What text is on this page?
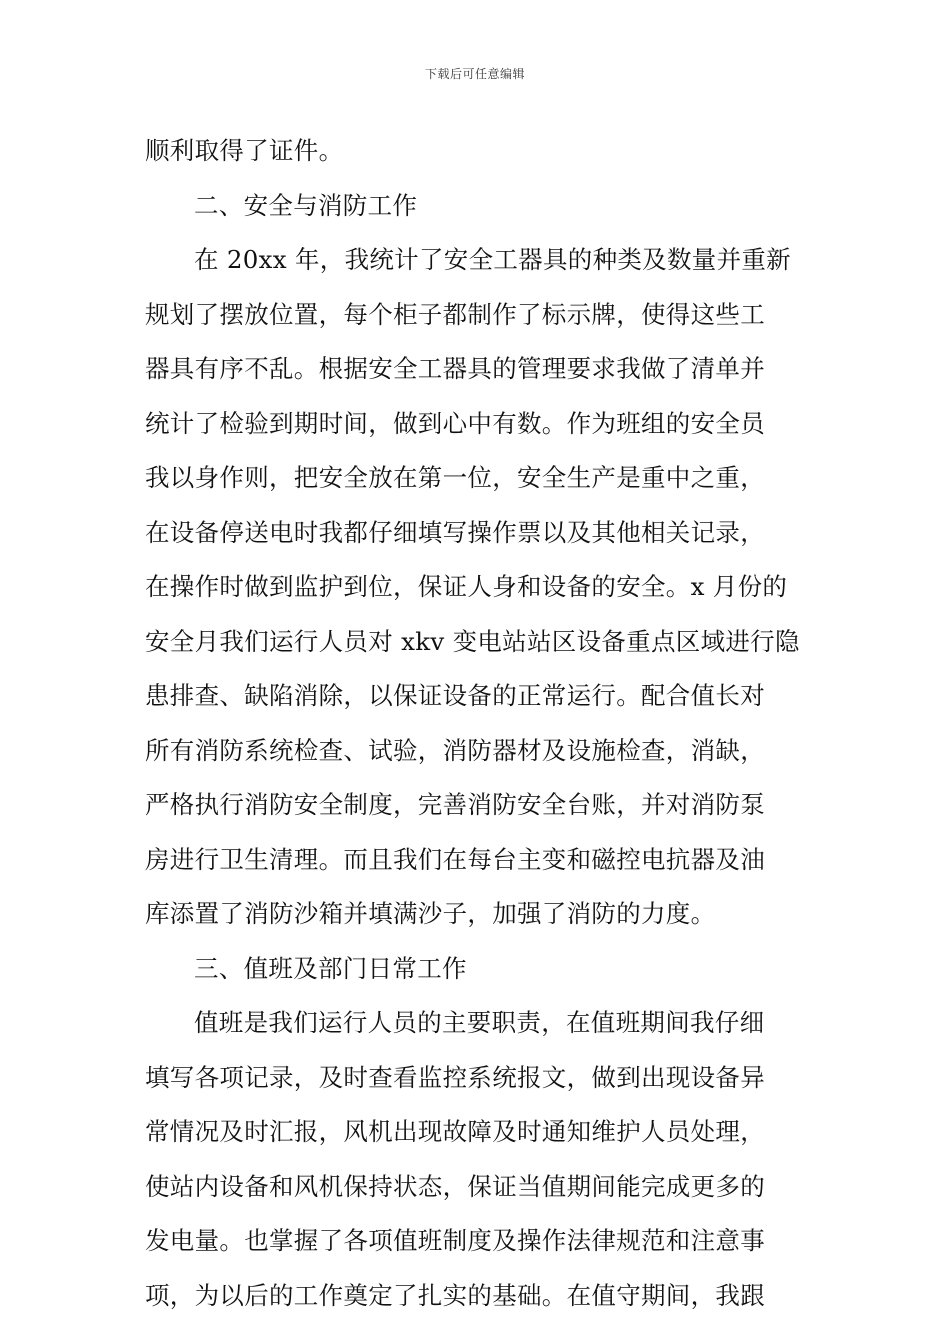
下载后可任意编辑
顺利取得了证件。
二、安全与消防工作
在 20xx 年，我统计了安全工器具的种类及数量并重新
规划了摆放位置，每个柜子都制作了标示牌，使得这些工
器具有序不乱。根据安全工器具的管理要求我做了清单并
统计了检验到期时间，做到心中有数。作为班组的安全员
我以身作则，把安全放在第一位，安全生产是重中之重，
在设备停送电时我都仔细填写操作票以及其他相关记录，
在操作时做到监护到位，保证人身和设备的安全。x 月份的
安全月我们运行人员对 xkv 变电站站区设备重点区域进行隐
患排查、缺陷消除，以保证设备的正常运行。配合值长对
所有消防系统检查、试验，消防器材及设施检查，消缺，
严格执行消防安全制度，完善消防安全台账，并对消防泵
房进行卫生清理。而且我们在每台主变和磁控电抗器及油
库添置了消防沙箱并填满沙子，加强了消防的力度。
三、值班及部门日常工作
值班是我们运行人员的主要职责，在值班期间我仔细
填写各项记录，及时查看监控系统报文，做到出现设备异
常情况及时汇报，风机出现故障及时通知维护人员处理，
使站内设备和风机保持状态，保证当值期间能完成更多的
发电量。也掌握了各项值班制度及操作法律规范和注意事
项，为以后的工作奠定了扎实的基础。在值守期间，我跟
